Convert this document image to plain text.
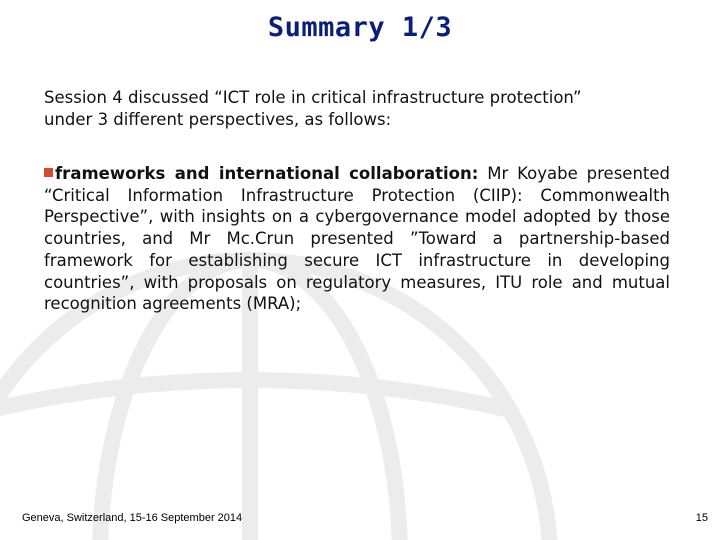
Summary 1/3
Session 4 discussed “ICT role in critical infrastructure protection” under 3 different perspectives, as follows:
frameworks and international collaboration: Mr Koyabe presented “Critical Information Infrastructure Protection (CIIP): Commonwealth Perspective”, with insights on a cybergovernance model adopted by those countries, and Mr Mc.Crun presented ”Toward a partnership-based framework for establishing secure ICT infrastructure in developing countries”, with proposals on regulatory measures, ITU role and mutual recognition agreements (MRA);
Geneva, Switzerland, 15-16 September 2014	15
